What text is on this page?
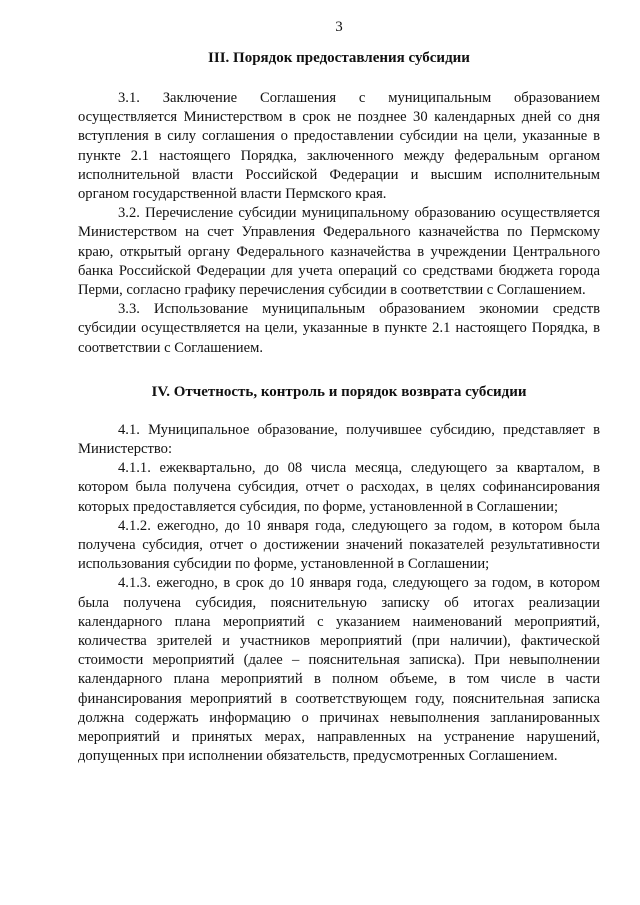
3
III. Порядок предоставления субсидии

3.1. Заключение Соглашения с муниципальным образованием осуществляется Министерством в срок не позднее 30 календарных дней со дня вступления в силу соглашения о предоставлении субсидии на цели, указанные в пункте 2.1 настоящего Порядка, заключенного между федеральным органом исполнительной власти Российской Федерации и высшим исполнительным органом государственной власти Пермского края.

3.2. Перечисление субсидии муниципальному образованию осуществляется Министерством на счет Управления Федерального казначейства по Пермскому краю, открытый органу Федерального казначейства в учреждении Центрального банка Российской Федерации для учета операций со средствами бюджета города Перми, согласно графику перечисления субсидии в соответствии с Соглашением.

3.3. Использование муниципальным образованием экономии средств субсидии осуществляется на цели, указанные в пункте 2.1 настоящего Порядка, в соответствии с Соглашением.

IV. Отчетность, контроль и порядок возврата субсидии

4.1. Муниципальное образование, получившее субсидию, представляет в Министерство:

4.1.1. ежеквартально, до 08 числа месяца, следующего за кварталом, в котором была получена субсидия, отчет о расходах, в целях софинансирования которых предоставляется субсидия, по форме, установленной в Соглашении;

4.1.2. ежегодно, до 10 января года, следующего за годом, в котором была получена субсидия, отчет о достижении значений показателей результативности использования субсидии по форме, установленной в Соглашении;

4.1.3. ежегодно, в срок до 10 января года, следующего за годом, в котором была получена субсидия, пояснительную записку об итогах реализации календарного плана мероприятий с указанием наименований мероприятий, количества зрителей и участников мероприятий (при наличии), фактической стоимости мероприятий (далее – пояснительная записка). При невыполнении календарного плана мероприятий в полном объеме, в том числе в части финансирования мероприятий в соответствующем году, пояснительная записка должна содержать информацию о причинах невыполнения запланированных мероприятий и принятых мерах, направленных на устранение нарушений, допущенных при исполнении обязательств, предусмотренных Соглашением.
